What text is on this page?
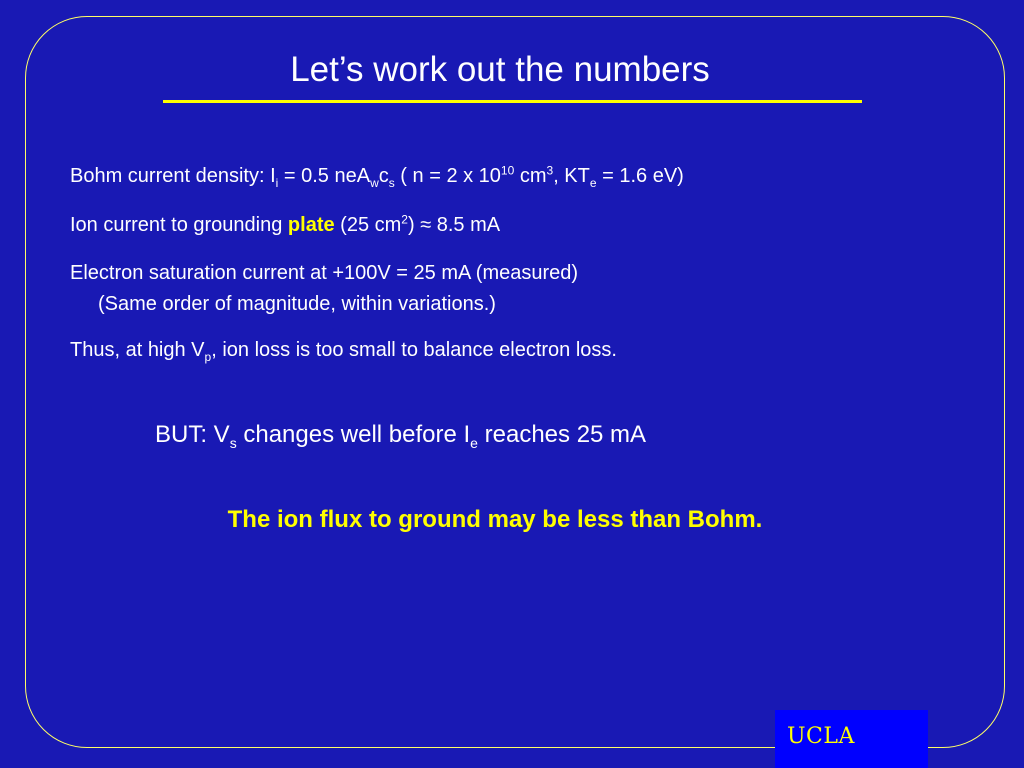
Let’s work out the numbers
Bohm current density: $I_i = 0.5$ $neA_wc_s$ ( n = 2 x $10^{10}$ $cm^3$, $KT_e = 1.6$ eV)
Ion current to grounding plate (25 $cm^2) \approx 8.5$ mA
Electron saturation current at +100V = 25 mA (measured)
(Same order of magnitude, within variations.)
Thus, at high $V_p$, ion loss is too small to balance electron loss.
BUT: $V_s$ changes well before $I_e$ reaches 25 mA

The ion flux to ground may be less than Bohm.

UCLA
